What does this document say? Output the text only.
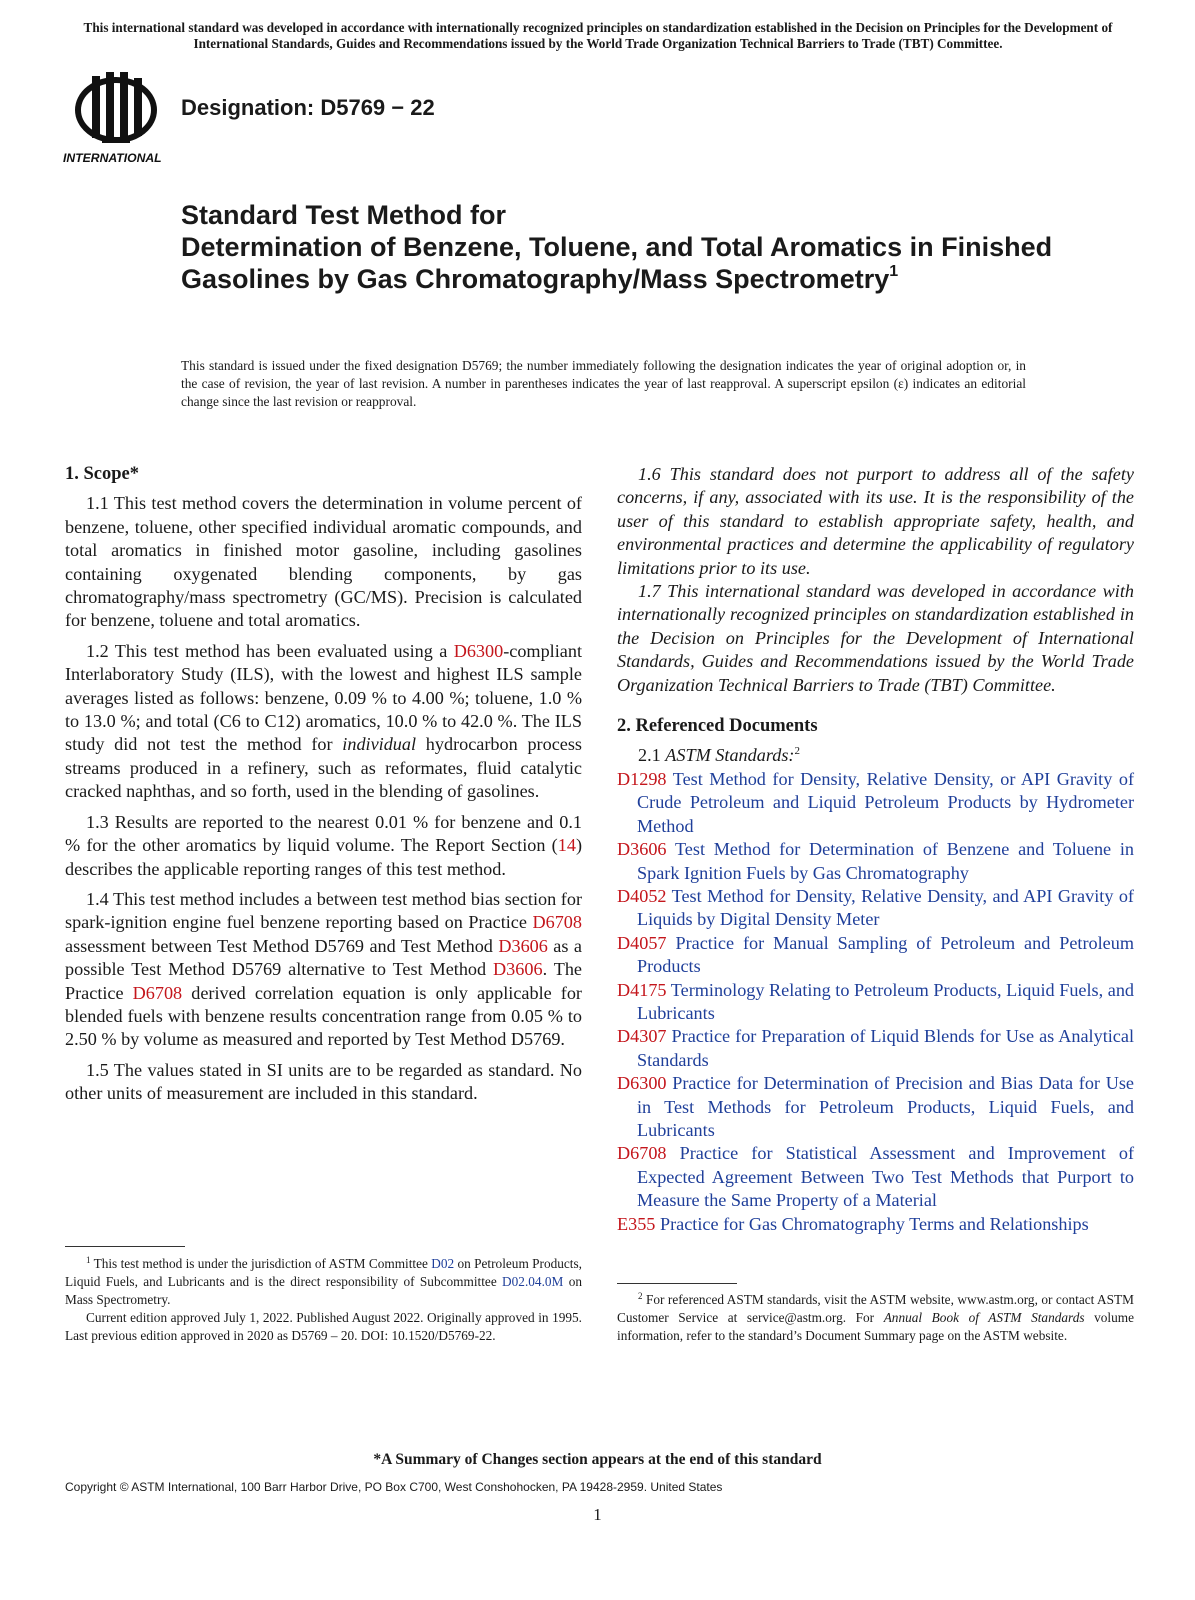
This international standard was developed in accordance with internationally recognized principles on standardization established in the Decision on Principles for the Development of International Standards, Guides and Recommendations issued by the World Trade Organization Technical Barriers to Trade (TBT) Committee.
INTERNATIONAL
Designation: D5769 − 22
Standard Test Method for
Determination of Benzene, Toluene, and Total Aromatics in Finished Gasolines by Gas Chromatography/Mass Spectrometry$^1$
This standard is issued under the fixed designation D5769; the number immediately following the designation indicates the year of original adoption or, in the case of revision, the year of last revision. A number in parentheses indicates the year of last reapproval. A superscript epsilon (ε) indicates an editorial change since the last revision or reapproval.
1. Scope*

1.1 This test method covers the determination in volume percent of benzene, toluene, other specified individual aromatic compounds, and total aromatics in finished motor gasoline, including gasolines containing oxygenated blending components, by gas chromatography/mass spectrometry (GC/MS). Precision is calculated for benzene, toluene and total aromatics.

1.2 This test method has been evaluated using a D6300-compliant Interlaboratory Study (ILS), with the lowest and highest ILS sample averages listed as follows: benzene, 0.09 % to 4.00 %; toluene, 1.0 % to 13.0 %; and total (C6 to C12) aromatics, 10.0 % to 42.0 %. The ILS study did not test the method for individual hydrocarbon process streams produced in a refinery, such as reformates, fluid catalytic cracked naphthas, and so forth, used in the blending of gasolines.

1.3 Results are reported to the nearest 0.01 % for benzene and 0.1 % for the other aromatics by liquid volume. The Report Section (14) describes the applicable reporting ranges of this test method.

1.4 This test method includes a between test method bias section for spark-ignition engine fuel benzene reporting based on Practice D6708 assessment between Test Method D5769 and Test Method D3606 as a possible Test Method D5769 alternative to Test Method D3606. The Practice D6708 derived correlation equation is only applicable for blended fuels with benzene results concentration range from 0.05 % to 2.50 % by volume as measured and reported by Test Method D5769.

1.5 The values stated in SI units are to be regarded as standard. No other units of measurement are included in this standard.

1.6 This standard does not purport to address all of the safety concerns, if any, associated with its use. It is the responsibility of the user of this standard to establish appropriate safety, health, and environmental practices and determine the applicability of regulatory limitations prior to its use.

1.7 This international standard was developed in accordance with internationally recognized principles on standardization established in the Decision on Principles for the Development of International Standards, Guides and Recommendations issued by the World Trade Organization Technical Barriers to Trade (TBT) Committee.

2. Referenced Documents

2.1 ASTM Standards:$^2$

D1298 Test Method for Density, Relative Density, or API Gravity of Crude Petroleum and Liquid Petroleum Products by Hydrometer Method
D3606 Test Method for Determination of Benzene and Toluene in Spark Ignition Fuels by Gas Chromatography
D4052 Test Method for Density, Relative Density, and API Gravity of Liquids by Digital Density Meter
D4057 Practice for Manual Sampling of Petroleum and Petroleum Products
D4175 Terminology Relating to Petroleum Products, Liquid Fuels, and Lubricants
D4307 Practice for Preparation of Liquid Blends for Use as Analytical Standards
D6300 Practice for Determination of Precision and Bias Data for Use in Test Methods for Petroleum Products, Liquid Fuels, and Lubricants
D6708 Practice for Statistical Assessment and Improvement of Expected Agreement Between Two Test Methods that Purport to Measure the Same Property of a Material
E355 Practice for Gas Chromatography Terms and Relationships

$^1$ This test method is under the jurisdiction of ASTM Committee D02 on Petroleum Products, Liquid Fuels, and Lubricants and is the direct responsibility of Subcommittee D02.04.0M on Mass Spectrometry.

Current edition approved July 1, 2022. Published August 2022. Originally approved in 1995. Last previous edition approved in 2020 as D5769 – 20. DOI: 10.1520/D5769-22.

$^2$ For referenced ASTM standards, visit the ASTM website, www.astm.org, or contact ASTM Customer Service at service@astm.org. For Annual Book of ASTM Standards volume information, refer to the standard’s Document Summary page on the ASTM website.

*A Summary of Changes section appears at the end of this standard
Copyright © ASTM International, 100 Barr Harbor Drive, PO Box C700, West Conshohocken, PA 19428-2959. United States
1
